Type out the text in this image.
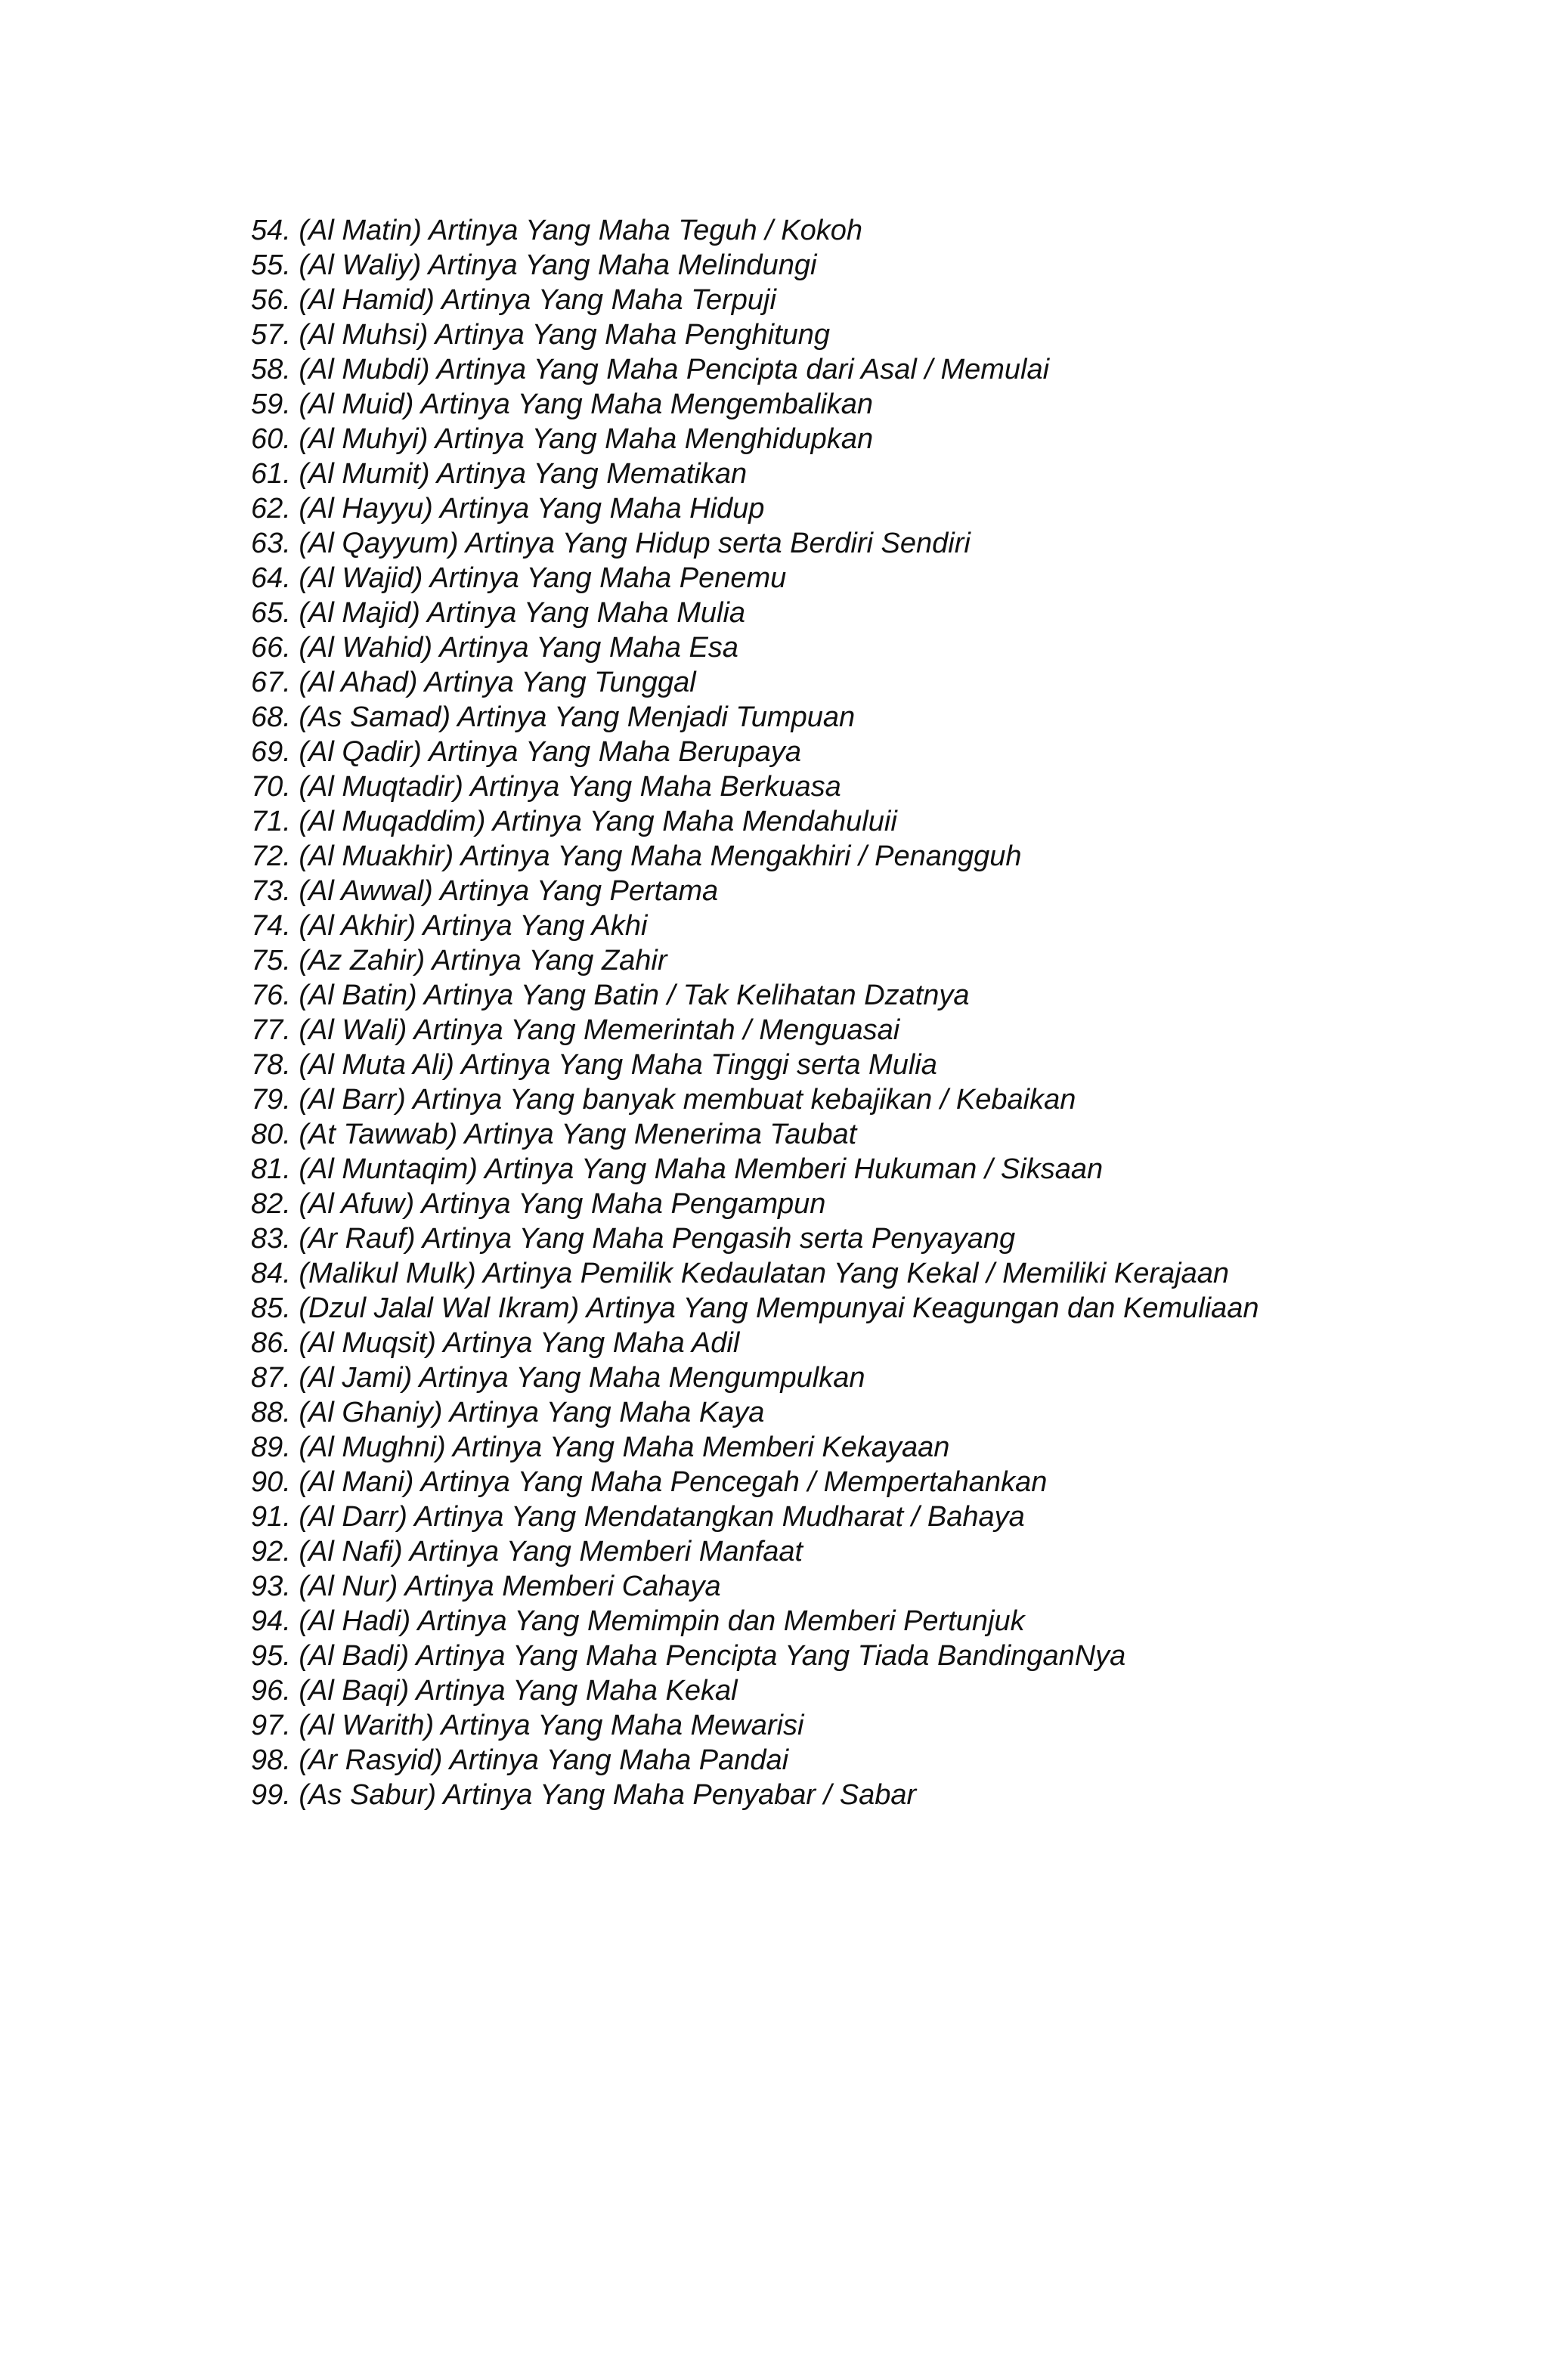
54. (Al Matin) Artinya Yang Maha Teguh / Kokoh
55. (Al Waliy) Artinya Yang Maha Melindungi
56. (Al Hamid) Artinya Yang Maha Terpuji
57. (Al Muhsi) Artinya Yang Maha Penghitung
58. (Al Mubdi) Artinya Yang Maha Pencipta dari Asal / Memulai
59. (Al Muid) Artinya Yang Maha Mengembalikan
60. (Al Muhyi) Artinya Yang Maha Menghidupkan
61. (Al Mumit) Artinya Yang Mematikan
62. (Al Hayyu) Artinya Yang Maha Hidup
63. (Al Qayyum) Artinya Yang Hidup serta Berdiri Sendiri
64. (Al Wajid) Artinya Yang Maha Penemu
65. (Al Majid) Artinya Yang Maha Mulia
66. (Al Wahid) Artinya Yang Maha Esa
67. (Al Ahad) Artinya Yang Tunggal
68. (As Samad) Artinya Yang Menjadi Tumpuan
69. (Al Qadir) Artinya Yang Maha Berupaya
70. (Al Muqtadir) Artinya Yang Maha Berkuasa
71. (Al Muqaddim) Artinya Yang Maha Mendahuluii
72. (Al Muakhir) Artinya Yang Maha Mengakhiri / Penangguh
73. (Al Awwal) Artinya Yang Pertama
74. (Al Akhir) Artinya Yang Akhi
75. (Az Zahir) Artinya Yang Zahir
76. (Al Batin) Artinya Yang Batin / Tak Kelihatan Dzatnya
77. (Al Wali) Artinya Yang Memerintah / Menguasai
78. (Al Muta Ali) Artinya Yang Maha Tinggi serta Mulia
79. (Al Barr) Artinya Yang banyak membuat kebajikan / Kebaikan
80. (At Tawwab) Artinya Yang Menerima Taubat
81. (Al Muntaqim) Artinya Yang Maha Memberi Hukuman / Siksaan
82. (Al Afuw) Artinya Yang Maha Pengampun
83. (Ar Rauf) Artinya Yang Maha Pengasih serta Penyayang
84. (Malikul Mulk) Artinya Pemilik Kedaulatan Yang Kekal / Memiliki Kerajaan
85. (Dzul Jalal Wal Ikram) Artinya Yang Mempunyai Keagungan dan Kemuliaan
86. (Al Muqsit) Artinya Yang Maha Adil
87. (Al Jami) Artinya Yang Maha Mengumpulkan
88. (Al Ghaniy) Artinya Yang Maha Kaya
89. (Al Mughni) Artinya Yang Maha Memberi Kekayaan
90. (Al Mani) Artinya Yang Maha Pencegah / Mempertahankan
91. (Al Darr) Artinya Yang Mendatangkan Mudharat / Bahaya
92. (Al Nafi) Artinya Yang Memberi Manfaat
93. (Al Nur) Artinya Memberi Cahaya
94. (Al Hadi) Artinya Yang Memimpin dan Memberi Pertunjuk
95. (Al Badi) Artinya Yang Maha Pencipta Yang Tiada BandinganNya
96. (Al Baqi) Artinya Yang Maha Kekal
97. (Al Warith) Artinya Yang Maha Mewarisi
98. (Ar Rasyid) Artinya Yang Maha Pandai
99. (As Sabur) Artinya Yang Maha Penyabar / Sabar
